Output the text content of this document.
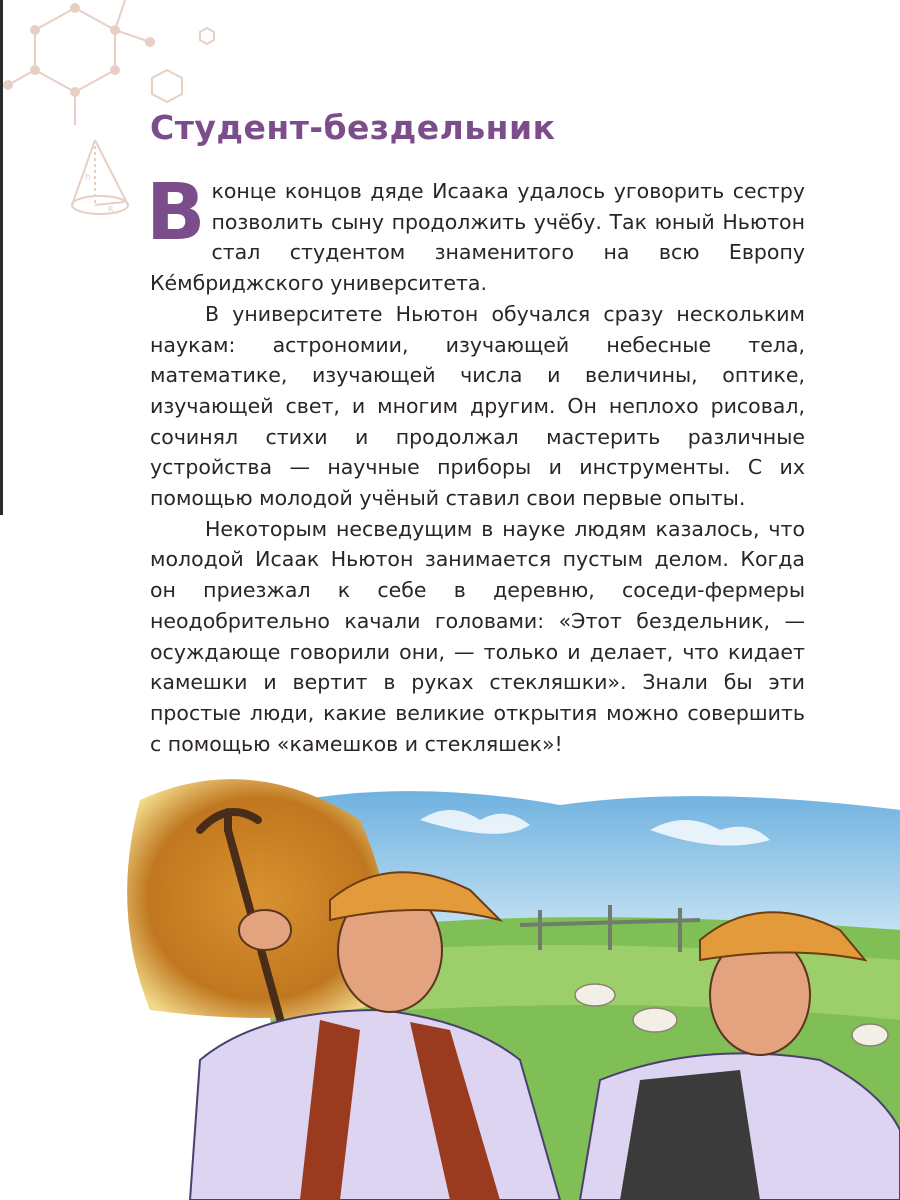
h
R
Студент-бездельник

Вконце концов дяде Исаака удалось уговорить сестру позволить сыну продолжить учёбу. Так юный Ньютон стал студентом знаменитого на всю Европу Ке́мбриджского университета.

В университете Ньютон обучался сразу нескольким наукам: астрономии, изучающей небесные тела, математике, изучающей числа и величины, оптике, изучающей свет, и многим другим. Он неплохо рисовал, сочинял стихи и продолжал мастерить различные устройства — научные приборы и инструменты. С их помощью молодой учёный ставил свои первые опыты.

Некоторым несведущим в науке людям казалось, что молодой Исаак Ньютон занимается пустым делом. Когда он приезжал к себе в деревню, соседи-фермеры неодобрительно качали головами: «Этот бездельник, — осуждающе говорили они, — только и делает, что кидает камешки и вертит в руках стекляшки». Знали бы эти простые люди, какие великие открытия можно совершить с помощью «камешков и стекляшек»!
